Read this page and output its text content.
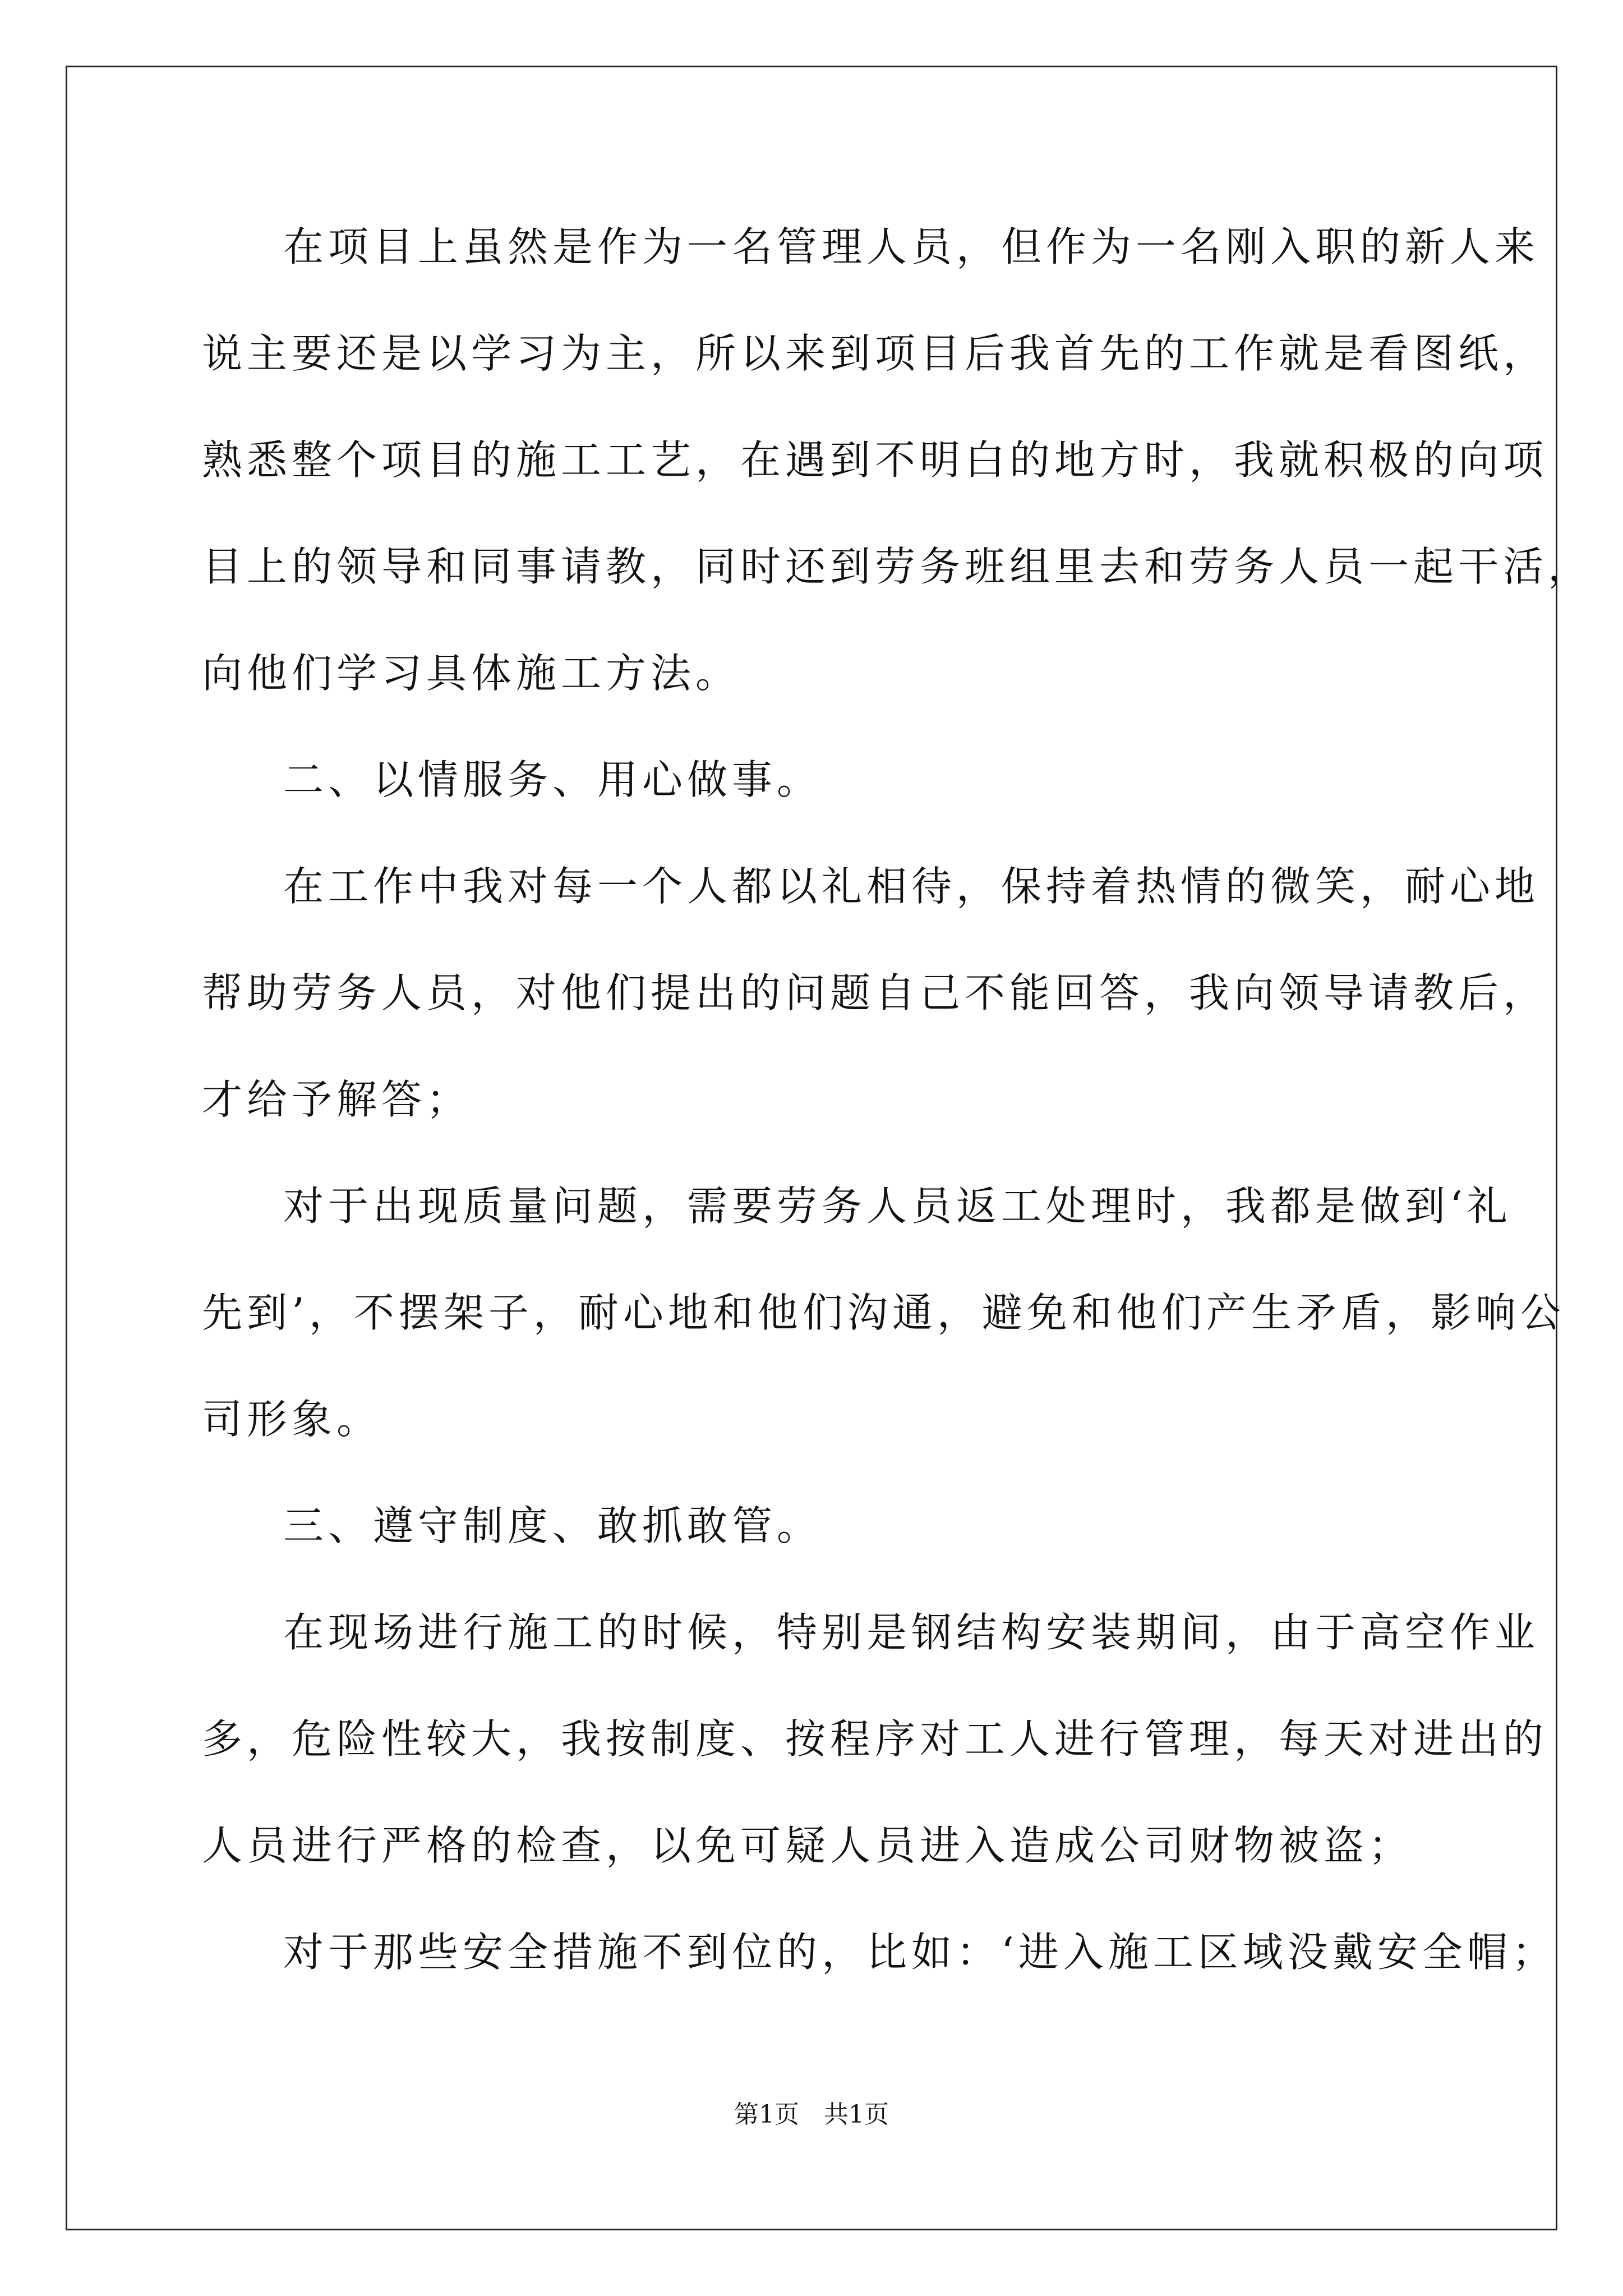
在项目上虽然是作为一名管理人员，但作为一名刚入职的新人来
说主要还是以学习为主，所以来到项目后我首先的工作就是看图纸，
熟悉整个项目的施工工艺，在遇到不明白的地方时，我就积极的向项
目上的领导和同事请教，同时还到劳务班组里去和劳务人员一起干活，
向他们学习具体施工方法。
二、以情服务、用心做事。
在工作中我对每一个人都以礼相待，保持着热情的微笑，耐心地
帮助劳务人员，对他们提出的问题自己不能回答，我向领导请教后，
才给予解答；
对于出现质量问题，需要劳务人员返工处理时，我都是做到‘礼
先到’，不摆架子，耐心地和他们沟通，避免和他们产生矛盾，影响公
司形象。
三、遵守制度、敢抓敢管。
在现场进行施工的时候，特别是钢结构安装期间，由于高空作业
多，危险性较大，我按制度、按程序对工人进行管理，每天对进出的
人员进行严格的检查，以免可疑人员进入造成公司财物被盗；
对于那些安全措施不到位的，比如：‘进入施工区域没戴安全帽；
第1页　共1页
